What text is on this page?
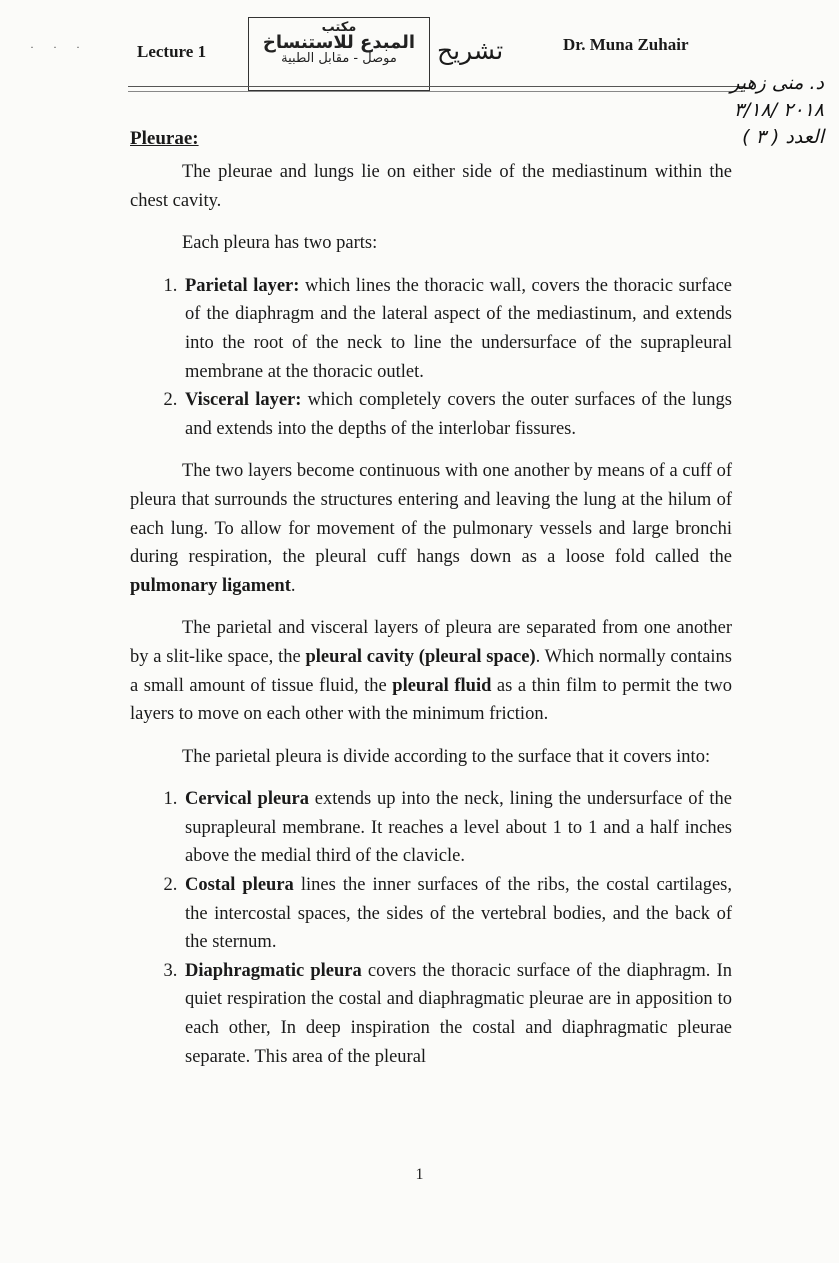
· · ·	Lecture 1
مكتب
المبدع للاستنساخ
موصل - مقابل الطبية	تشريح	Dr. Muna Zuhair
د. منى زهير
٢٠١٨ /٣/١٨
العدد ( ٣ )
Pleurae:

The pleurae and lungs lie on either side of the mediastinum within the chest cavity.

Each pleura has two parts:

1. Parietal layer: which lines the thoracic wall, covers the thoracic surface of the diaphragm and the lateral aspect of the mediastinum, and extends into the root of the neck to line the undersurface of the suprapleural membrane at the thoracic outlet.
2. Visceral layer: which completely covers the outer surfaces of the lungs and extends into the depths of the interlobar fissures.

The two layers become continuous with one another by means of a cuff of pleura that surrounds the structures entering and leaving the lung at the hilum of each lung. To allow for movement of the pulmonary vessels and large bronchi during respiration, the pleural cuff hangs down as a loose fold called the pulmonary ligament.

The parietal and visceral layers of pleura are separated from one another by a slit-like space, the pleural cavity (pleural space). Which normally contains a small amount of tissue fluid, the pleural fluid as a thin film to permit the two layers to move on each other with the minimum friction.

The parietal pleura is divide according to the surface that it covers into:

1. Cervical pleura extends up into the neck, lining the undersurface of the suprapleural membrane. It reaches a level about 1 to 1 and a half inches above the medial third of the clavicle.
2. Costal pleura lines the inner surfaces of the ribs, the costal cartilages, the intercostal spaces, the sides of the vertebral bodies, and the back of the sternum.
3. Diaphragmatic pleura covers the thoracic surface of the diaphragm. In quiet respiration the costal and diaphragmatic pleurae are in apposition to each other, In deep inspiration the costal and diaphragmatic pleurae separate. This area of the pleural
1
